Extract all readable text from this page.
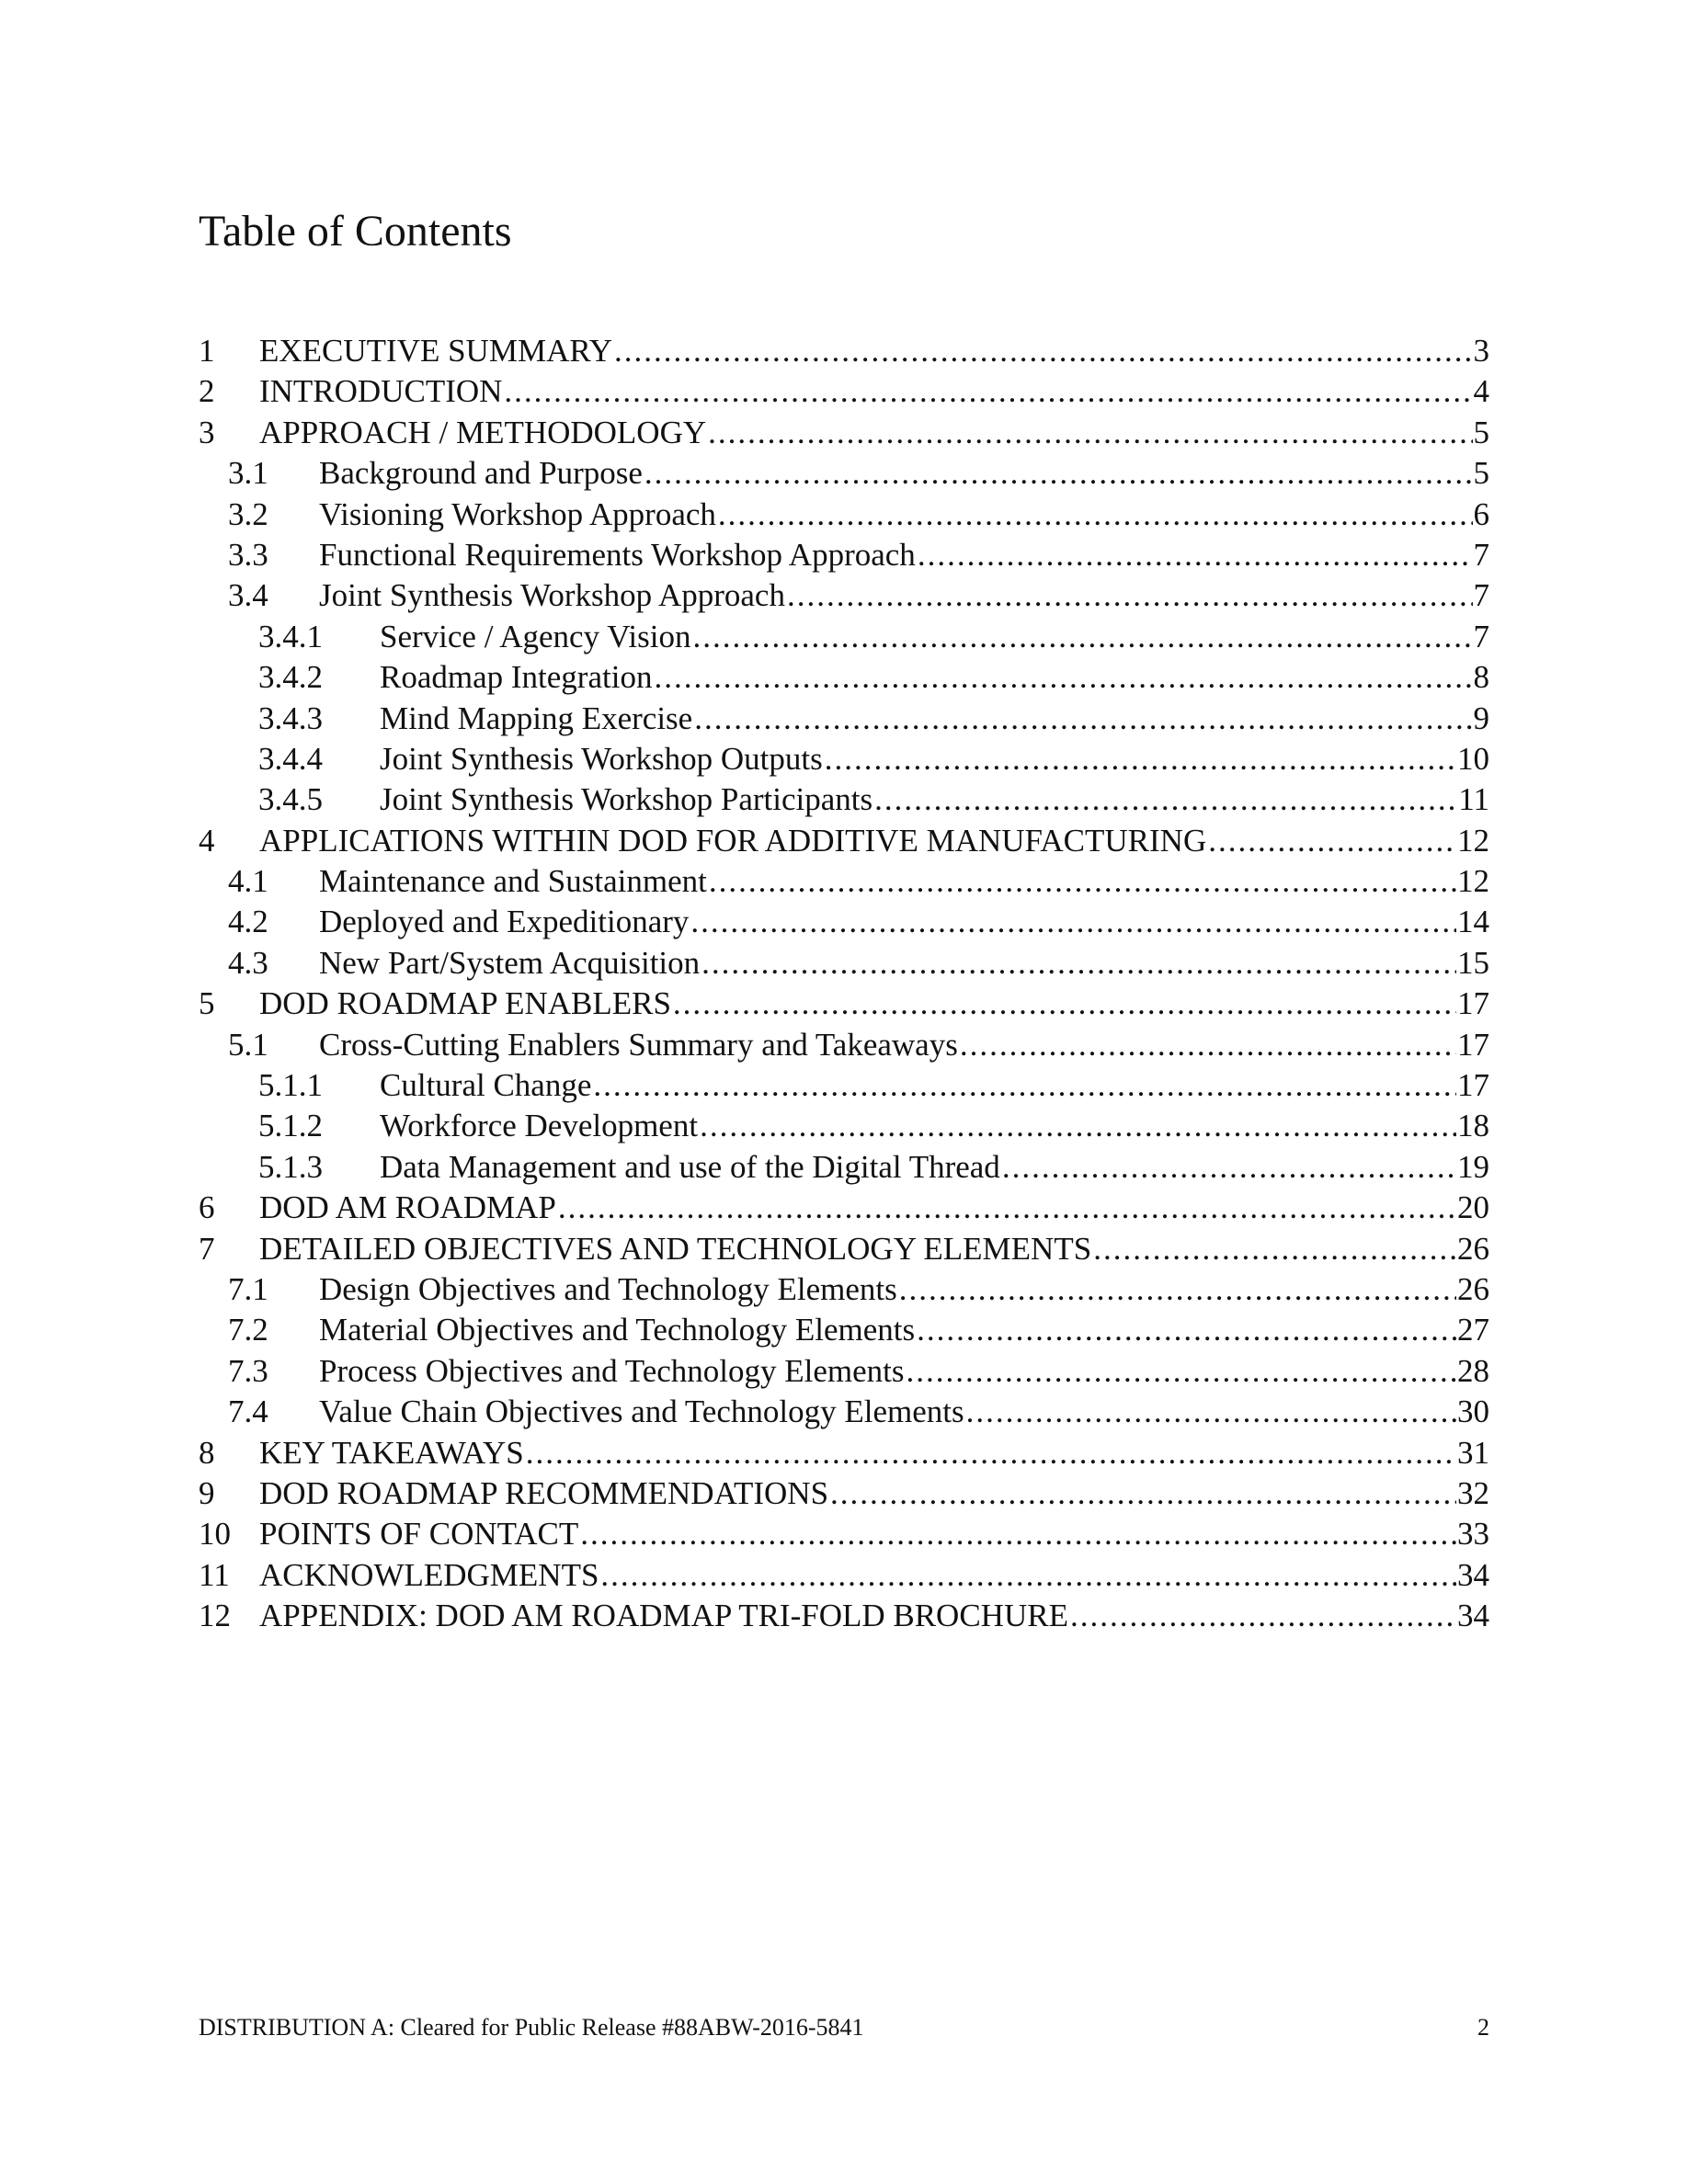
Table of Contents
1 EXECUTIVE SUMMARY .....	3
2 INTRODUCTION .....	4
3 APPROACH / METHODOLOGY .....	5
3.1 Background and Purpose .....	5
3.2 Visioning Workshop Approach .....	6
3.3 Functional Requirements Workshop Approach .....	7
3.4 Joint Synthesis Workshop Approach .....	7
3.4.1 Service / Agency Vision .....	7
3.4.2 Roadmap Integration .....	8
3.4.3 Mind Mapping Exercise .....	9
3.4.4 Joint Synthesis Workshop Outputs .....	10
3.4.5 Joint Synthesis Workshop Participants .....	11
4 APPLICATIONS WITHIN DOD FOR ADDITIVE MANUFACTURING .....	12
4.1 Maintenance and Sustainment .....	12
4.2 Deployed and Expeditionary .....	14
4.3 New Part/System Acquisition .....	15
5 DOD ROADMAP ENABLERS .....	17
5.1 Cross-Cutting Enablers Summary and Takeaways .....	17
5.1.1 Cultural Change .....	17
5.1.2 Workforce Development .....	18
5.1.3 Data Management and use of the Digital Thread .....	19
6 DOD AM ROADMAP .....	20
7 DETAILED OBJECTIVES AND TECHNOLOGY ELEMENTS .....	26
7.1 Design Objectives and Technology Elements .....	26
7.2 Material Objectives and Technology Elements .....	27
7.3 Process Objectives and Technology Elements .....	28
7.4 Value Chain Objectives and Technology Elements .....	30
8 KEY TAKEAWAYS .....	31
9 DOD ROADMAP RECOMMENDATIONS .....	32
10 POINTS OF CONTACT .....	33
11 ACKNOWLEDGMENTS .....	34
12 APPENDIX: DOD AM ROADMAP TRI-FOLD BROCHURE .....	34
DISTRIBUTION A: Cleared for Public Release #88ABW-2016-5841	2
